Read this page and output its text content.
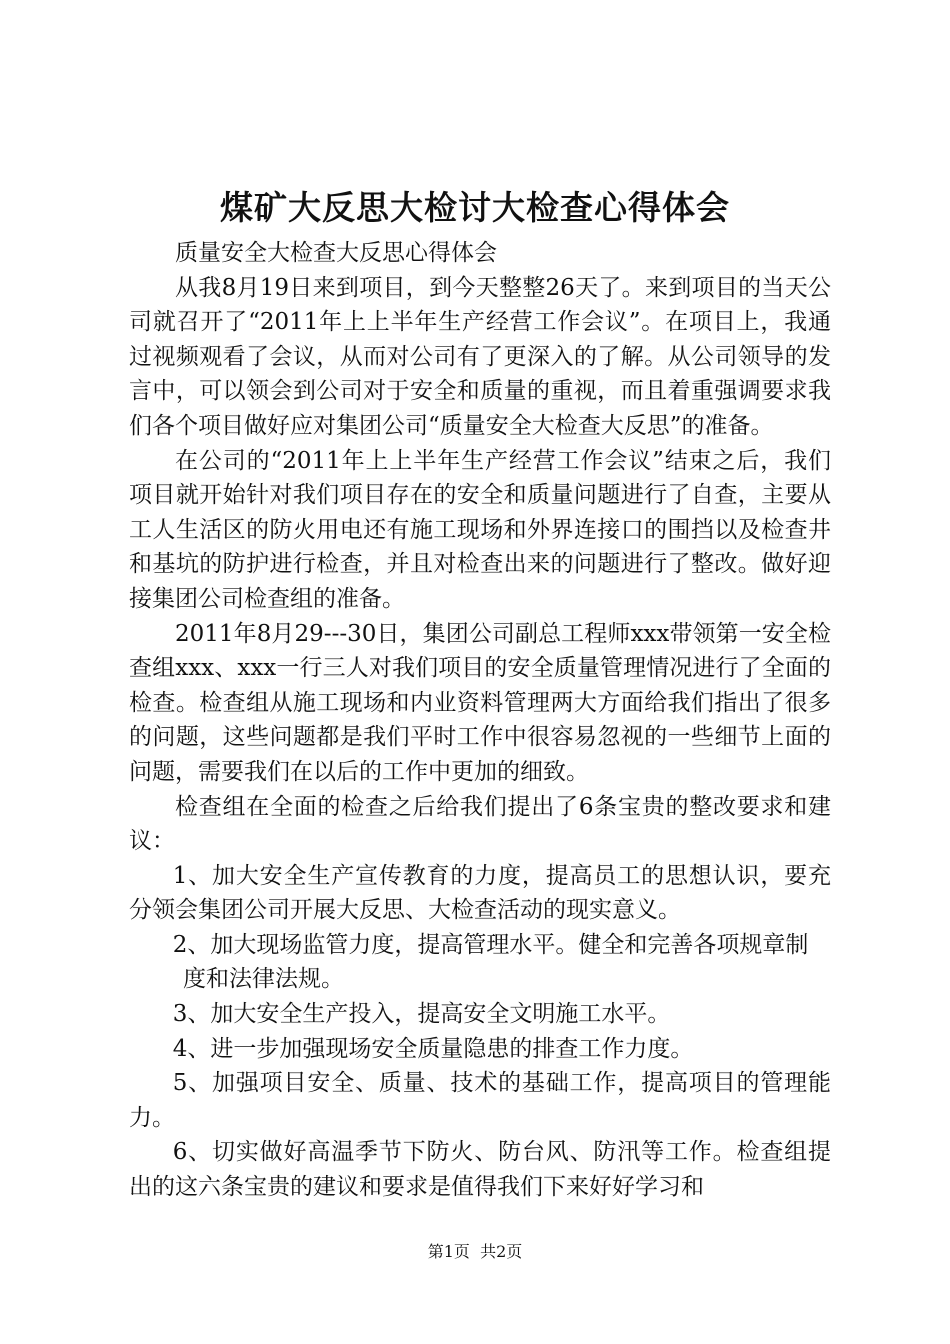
煤矿大反思大检讨大检查心得体会

质量安全大检查大反思心得体会

从我8月19日来到项目，到今天整整26天了。来到项目的当天公司就召开了“2011年上上半年生产经营工作会议”。在项目上，我通过视频观看了会议，从而对公司有了更深入的了解。从公司领导的发言中，可以领会到公司对于安全和质量的重视，而且着重强调要求我们各个项目做好应对集团公司“质量安全大检查大反思”的准备。

在公司的“2011年上上半年生产经营工作会议”结束之后，我们项目就开始针对我们项目存在的安全和质量问题进行了自查，主要从工人生活区的防火用电还有施工现场和外界连接口的围挡以及检查井和基坑的防护进行检查，并且对检查出来的问题进行了整改。做好迎接集团公司检查组的准备。

2011年8月29---30日，集团公司副总工程师xxx带领第一安全检查组xxx、xxx一行三人对我们项目的安全质量管理情况进行了全面的检查。检查组从施工现场和内业资料管理两大方面给我们指出了很多的问题，这些问题都是我们平时工作中很容易忽视的一些细节上面的问题，需要我们在以后的工作中更加的细致。

检查组在全面的检查之后给我们提出了6条宝贵的整改要求和建议：

1、加大安全生产宣传教育的力度，提高员工的思想认识，要充分领会集团公司开展大反思、大检查活动的现实意义。

2、加大现场监管力度，提高管理水平。健全和完善各项规章制

度和法律法规。

3、加大安全生产投入，提高安全文明施工水平。

4、进一步加强现场安全质量隐患的排查工作力度。

5、加强项目安全、质量、技术的基础工作，提高项目的管理能力。

6、切实做好高温季节下防火、防台风、防汛等工作。检查组提出的这六条宝贵的建议和要求是值得我们下来好好学习和

第1页  共2页
